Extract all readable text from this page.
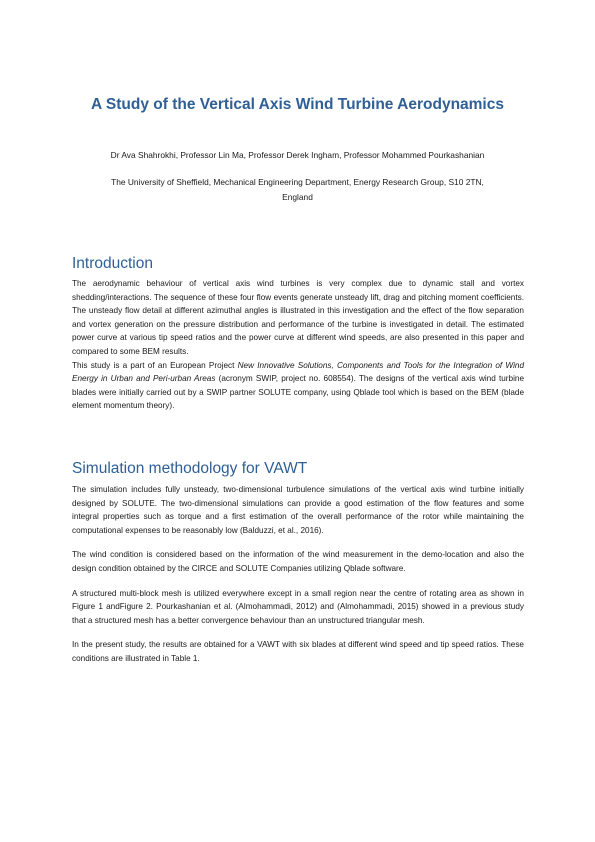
A Study of the Vertical Axis Wind Turbine Aerodynamics

Dr Ava Shahrokhi, Professor Lin Ma, Professor Derek Ingham, Professor Mohammed Pourkashanian

The University of Sheffield, Mechanical Engineering Department, Energy Research Group, S10 2TN, England

Introduction

The aerodynamic behaviour of vertical axis wind turbines is very complex due to dynamic stall and vortex shedding/interactions. The sequence of these four flow events generate unsteady lift, drag and pitching moment coefficients. The unsteady flow detail at different azimuthal angles is illustrated in this investigation and the effect of the flow separation and vortex generation on the pressure distribution and performance of the turbine is investigated in detail. The estimated power curve at various tip speed ratios and the power curve at different wind speeds, are also presented in this paper and compared to some BEM results.

This study is a part of an European Project New Innovative Solutions, Components and Tools for the Integration of Wind Energy in Urban and Peri-urban Areas (acronym SWIP, project no. 608554). The designs of the vertical axis wind turbine blades were initially carried out by a SWIP partner SOLUTE company, using Qblade tool which is based on the BEM (blade element momentum theory).

Simulation methodology for VAWT

The simulation includes fully unsteady, two-dimensional turbulence simulations of the vertical axis wind turbine initially designed by SOLUTE. The two-dimensional simulations can provide a good estimation of the flow features and some integral properties such as torque and a first estimation of the overall performance of the rotor while maintaining the computational expenses to be reasonably low (Balduzzi, et al., 2016).

The wind condition is considered based on the information of the wind measurement in the demo-location and also the design condition obtained by the CIRCE and SOLUTE Companies utilizing Qblade software.

A structured multi-block mesh is utilized everywhere except in a small region near the centre of rotating area as shown in Figure 1 andFigure 2. Pourkashanian et al. (Almohammadi, 2012) and (Almohammadi, 2015) showed in a previous study that a structured mesh has a better convergence behaviour than an unstructured triangular mesh.

In the present study, the results are obtained for a VAWT with six blades at different wind speed and tip speed ratios. These conditions are illustrated in Table 1.
